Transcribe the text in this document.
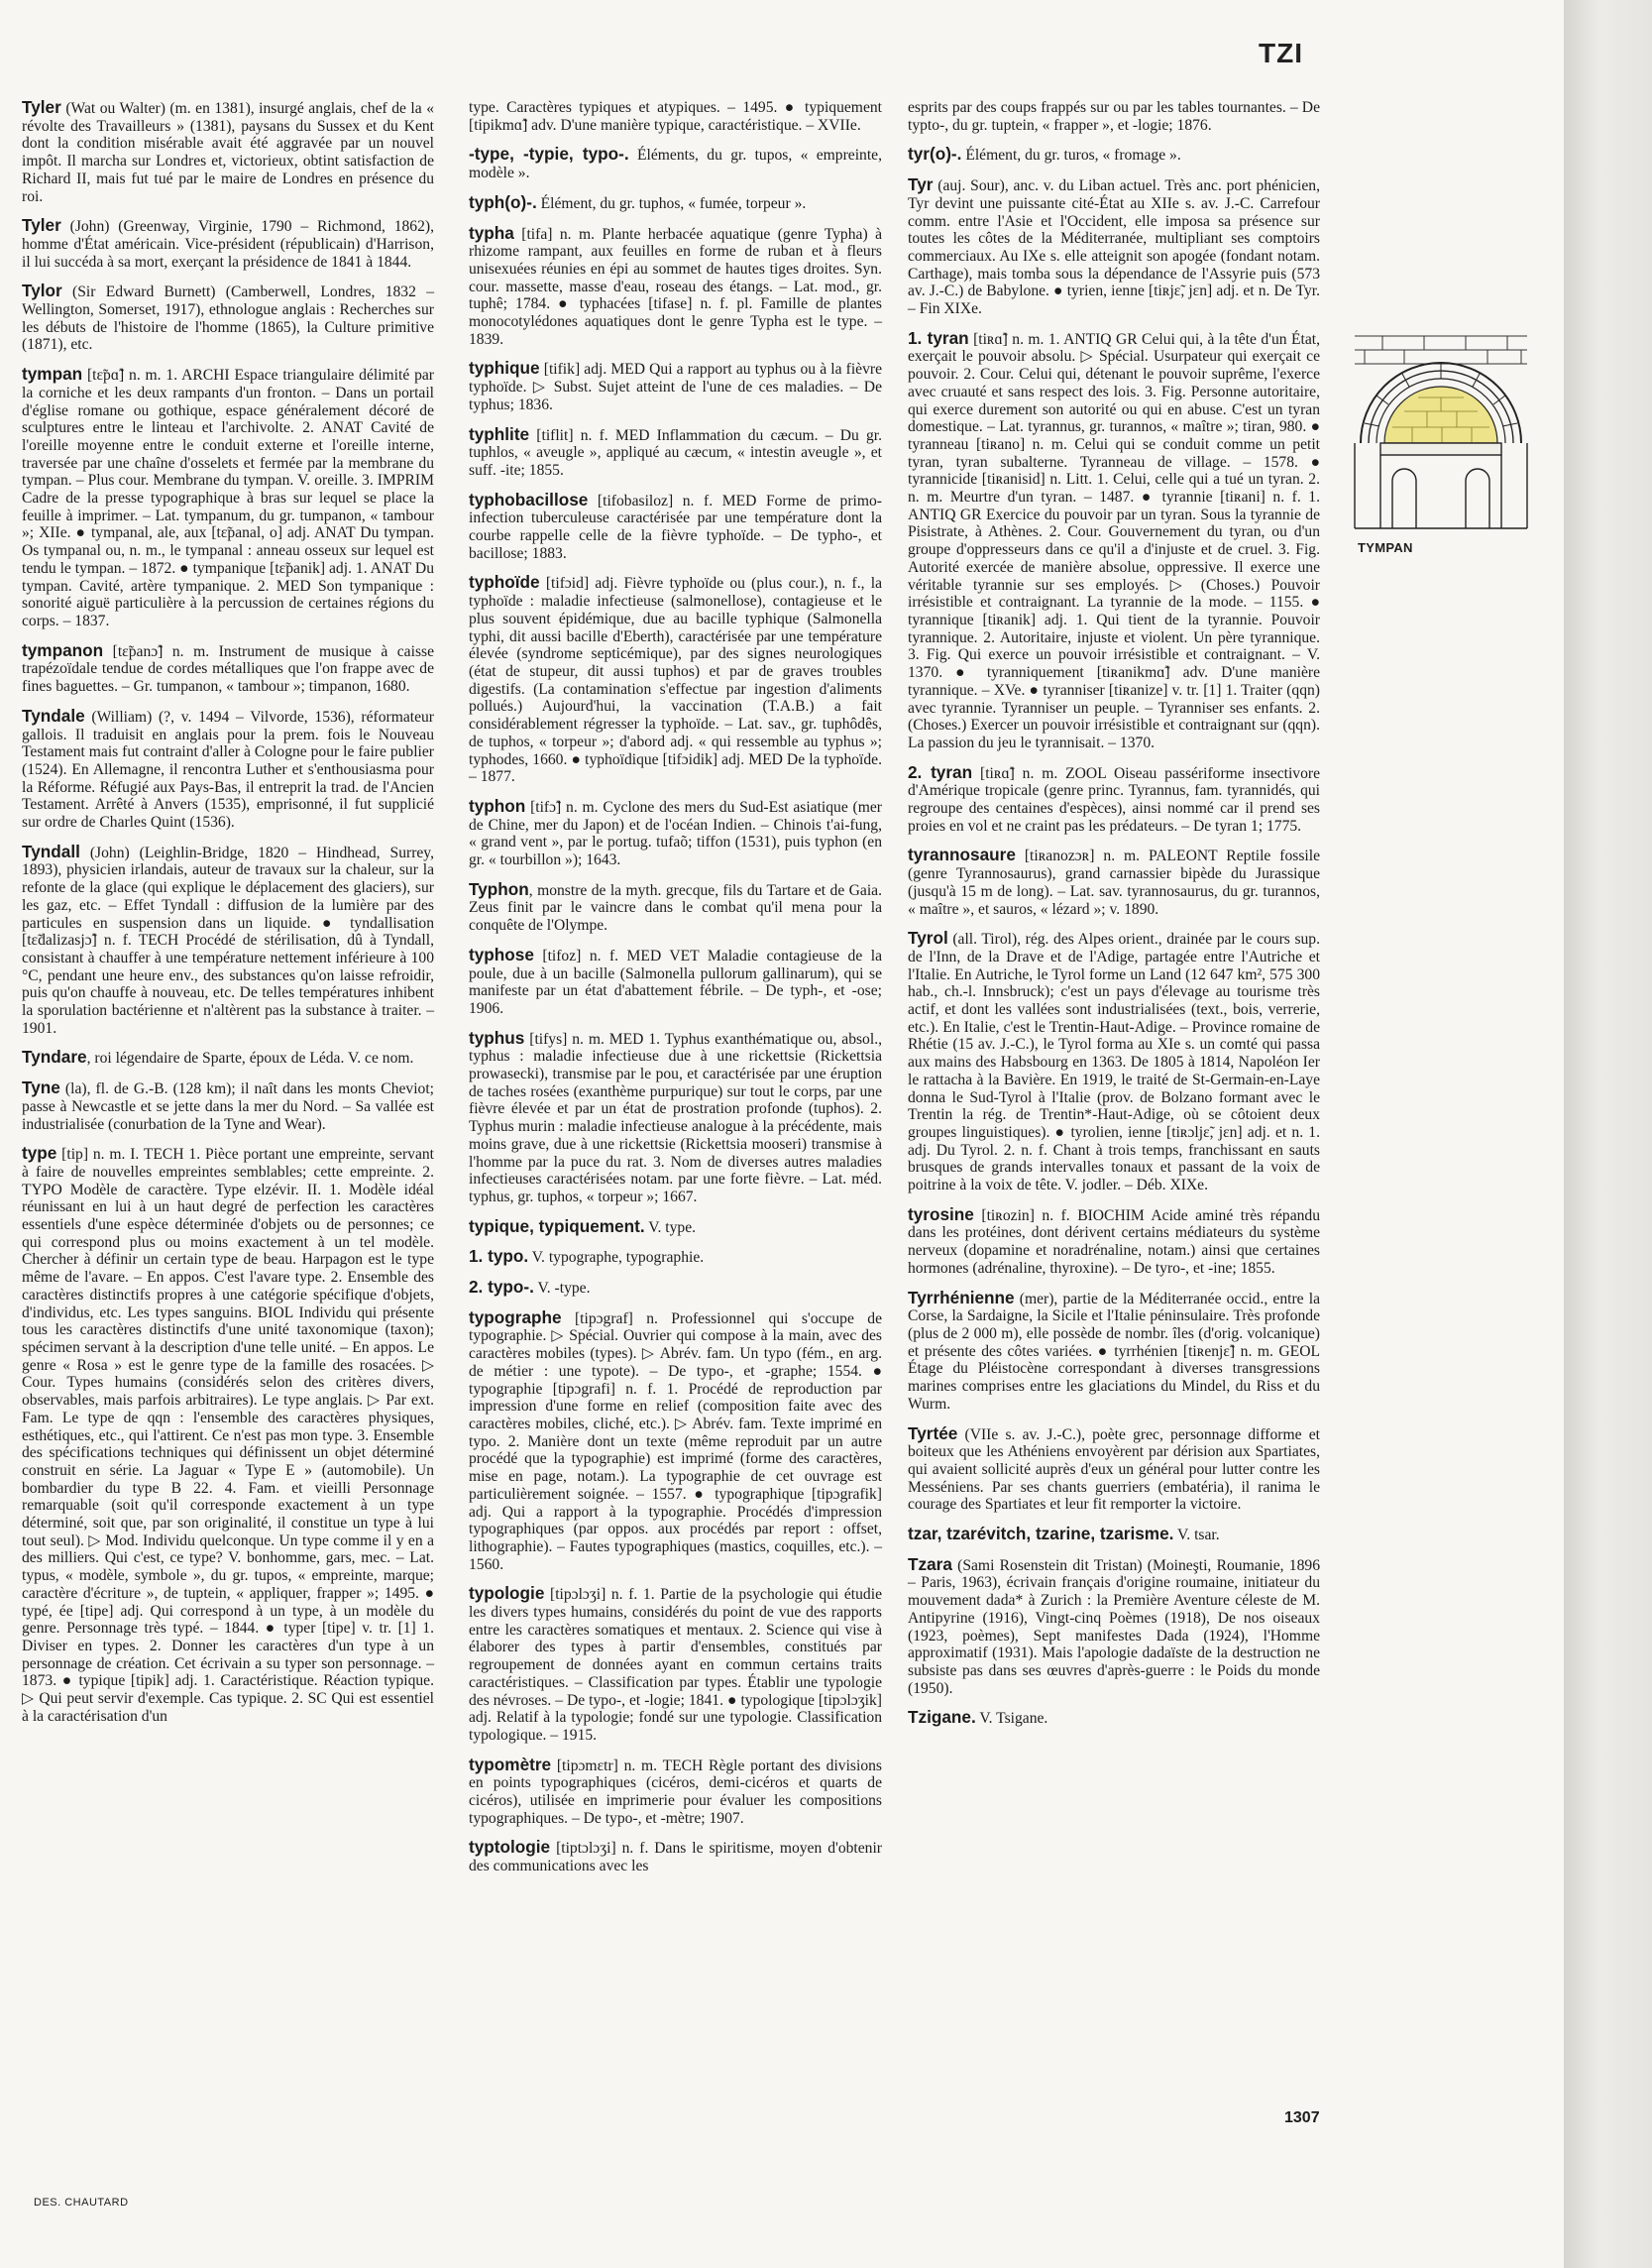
TZI

Tyler (Wat ou Walter) (m. en 1381), insurgé anglais, chef de la « révolte des Travailleurs » (1381), paysans du Sussex et du Kent dont la condition misérable avait été aggravée par un nouvel impôt. Il marcha sur Londres et, victorieux, obtint satisfaction de Richard II, mais fut tué par le maire de Londres en présence du roi.

Tyler (John) (Greenway, Virginie, 1790 – Richmond, 1862), homme d'État américain. Vice-président (républicain) d'Harrison, il lui succéda à sa mort, exerçant la présidence de 1841 à 1844.

Tylor (Sir Edward Burnett) (Camberwell, Londres, 1832 – Wellington, Somerset, 1917), ethnologue anglais : Recherches sur les débuts de l'histoire de l'homme (1865), la Culture primitive (1871), etc.

tympan [tɛ̃pɑ̃] n. m. 1. ARCHI Espace triangulaire délimité par la corniche et les deux rampants d'un fronton. – Dans un portail d'église romane ou gothique, espace généralement décoré de sculptures entre le linteau et l'archivolte. 2. ANAT Cavité de l'oreille moyenne entre le conduit externe et l'oreille interne, traversée par une chaîne d'osselets et fermée par la membrane du tympan. – Plus cour. Membrane du tympan. V. oreille. 3. IMPRIM Cadre de la presse typographique à bras sur lequel se place la feuille à imprimer. – Lat. tympanum, du gr. tumpanon, « tambour »; XIIe. ● tympanal, ale, aux [tɛ̃panal, o] adj. ANAT Du tympan. Os tympanal ou, n. m., le tympanal : anneau osseux sur lequel est tendu le tympan. – 1872. ● tympanique [tɛ̃panik] adj. 1. ANAT Du tympan. Cavité, artère tympanique. 2. MED Son tympanique : sonorité aiguë particulière à la percussion de certaines régions du corps. – 1837.

tympanon [tɛ̃panɔ̃] n. m. Instrument de musique à caisse trapézoïdale tendue de cordes métalliques que l'on frappe avec de fines baguettes. – Gr. tumpanon, « tambour »; timpanon, 1680.

Tyndale (William) (?, v. 1494 – Vilvorde, 1536), réformateur gallois. Il traduisit en anglais pour la prem. fois le Nouveau Testament mais fut contraint d'aller à Cologne pour le faire publier (1524). En Allemagne, il rencontra Luther et s'enthousiasma pour la Réforme. Réfugié aux Pays-Bas, il entreprit la trad. de l'Ancien Testament. Arrêté à Anvers (1535), emprisonné, il fut supplicié sur ordre de Charles Quint (1536).

Tyndall (John) (Leighlin-Bridge, 1820 – Hindhead, Surrey, 1893), physicien irlandais, auteur de travaux sur la chaleur, sur la refonte de la glace (qui explique le déplacement des glaciers), sur les gaz, etc. – Effet Tyndall : diffusion de la lumière par des particules en suspension dans un liquide. ● tyndallisation [tɛ̃dalizasjɔ̃] n. f. TECH Procédé de stérilisation, dû à Tyndall, consistant à chauffer à une température nettement inférieure à 100 °C, pendant une heure env., des substances qu'on laisse refroidir, puis qu'on chauffe à nouveau, etc. De telles températures inhibent la sporulation bactérienne et n'altèrent pas la substance à traiter. – 1901.

Tyndare, roi légendaire de Sparte, époux de Léda. V. ce nom.

Tyne (la), fl. de G.-B. (128 km); il naît dans les monts Cheviot; passe à Newcastle et se jette dans la mer du Nord. – Sa vallée est industrialisée (conurbation de la Tyne and Wear).

type [tip] n. m. I. TECH 1. Pièce portant une empreinte, servant à faire de nouvelles empreintes semblables; cette empreinte. 2. TYPO Modèle de caractère. Type elzévir. II. 1. Modèle idéal réunissant en lui à un haut degré de perfection les caractères essentiels d'une espèce déterminée d'objets ou de personnes; ce qui correspond plus ou moins exactement à un tel modèle. Chercher à définir un certain type de beau. Harpagon est le type même de l'avare. – En appos. C'est l'avare type. 2. Ensemble des caractères distinctifs propres à une catégorie spécifique d'objets, d'individus, etc. Les types sanguins. BIOL Individu qui présente tous les caractères distinctifs d'une unité taxonomique (taxon); spécimen servant à la description d'une telle unité. – En appos. Le genre « Rosa » est le genre type de la famille des rosacées. ▷ Cour. Types humains (considérés selon des critères divers, observables, mais parfois arbitraires). Le type anglais. ▷ Par ext. Fam. Le type de qqn : l'ensemble des caractères physiques, esthétiques, etc., qui l'attirent. Ce n'est pas mon type. 3. Ensemble des spécifications techniques qui définissent un objet déterminé construit en série. La Jaguar « Type E » (automobile). Un bombardier du type B 22. 4. Fam. et vieilli Personnage remarquable (soit qu'il corresponde exactement à un type déterminé, soit que, par son originalité, il constitue un type à lui tout seul). ▷ Mod. Individu quelconque. Un type comme il y en a des milliers. Qui c'est, ce type? V. bonhomme, gars, mec. – Lat. typus, « modèle, symbole », du gr. tupos, « empreinte, marque; caractère d'écriture », de tuptein, « appliquer, frapper »; 1495. ● typé, ée [tipe] adj. Qui correspond à un type, à un modèle du genre. Personnage très typé. – 1844. ● typer [tipe] v. tr. [1] 1. Diviser en types. 2. Donner les caractères d'un type à un personnage de création. Cet écrivain a su typer son personnage. – 1873. ● typique [tipik] adj. 1. Caractéristique. Réaction typique. ▷ Qui peut servir d'exemple. Cas typique. 2. SC Qui est essentiel à la caractérisation d'un

type. Caractères typiques et atypiques. – 1495. ● typiquement [tipikmɑ̃] adv. D'une manière typique, caractéristique. – XVIIe.

-type, -typie, typo-. Éléments, du gr. tupos, « empreinte, modèle ».

typh(o)-. Élément, du gr. tuphos, « fumée, torpeur ».

typha [tifa] n. m. Plante herbacée aquatique (genre Typha) à rhizome rampant, aux feuilles en forme de ruban et à fleurs unisexuées réunies en épi au sommet de hautes tiges droites. Syn. cour. massette, masse d'eau, roseau des étangs. – Lat. mod., gr. tuphê; 1784. ● typhacées [tifase] n. f. pl. Famille de plantes monocotylédones aquatiques dont le genre Typha est le type. – 1839.

typhique [tifik] adj. MED Qui a rapport au typhus ou à la fièvre typhoïde. ▷ Subst. Sujet atteint de l'une de ces maladies. – De typhus; 1836.

typhlite [tiflit] n. f. MED Inflammation du cæcum. – Du gr. tuphlos, « aveugle », appliqué au cæcum, « intestin aveugle », et suff. -ite; 1855.

typhobacillose [tifobasiloz] n. f. MED Forme de primo-infection tuberculeuse caractérisée par une température dont la courbe rappelle celle de la fièvre typhoïde. – De typho-, et bacillose; 1883.

typhoïde [tifɔid] adj. Fièvre typhoïde ou (plus cour.), n. f., la typhoïde : maladie infectieuse (salmonellose), contagieuse et le plus souvent épidémique, due au bacille typhique (Salmonella typhi, dit aussi bacille d'Eberth), caractérisée par une température élevée (syndrome septicémique), par des signes neurologiques (état de stupeur, dit aussi tuphos) et par de graves troubles digestifs. (La contamination s'effectue par ingestion d'aliments pollués.) Aujourd'hui, la vaccination (T.A.B.) a fait considérablement régresser la typhoïde. – Lat. sav., gr. tuphôdês, de tuphos, « torpeur »; d'abord adj. « qui ressemble au typhus »; typhodes, 1660. ● typhoïdique [tifɔidik] adj. MED De la typhoïde. – 1877.

typhon [tifɔ̃] n. m. Cyclone des mers du Sud-Est asiatique (mer de Chine, mer du Japon) et de l'océan Indien. – Chinois t'ai-fung, « grand vent », par le portug. tufaõ; tiffon (1531), puis typhon (en gr. « tourbillon »); 1643.

Typhon, monstre de la myth. grecque, fils du Tartare et de Gaia. Zeus finit par le vaincre dans le combat qu'il mena pour la conquête de l'Olympe.

typhose [tifoz] n. f. MED VET Maladie contagieuse de la poule, due à un bacille (Salmonella pullorum gallinarum), qui se manifeste par un état d'abattement fébrile. – De typh-, et -ose; 1906.

typhus [tifys] n. m. MED 1. Typhus exanthématique ou, absol., typhus : maladie infectieuse due à une rickettsie (Rickettsia prowasecki), transmise par le pou, et caractérisée par une éruption de taches rosées (exanthème purpurique) sur tout le corps, par une fièvre élevée et par un état de prostration profonde (tuphos). 2. Typhus murin : maladie infectieuse analogue à la précédente, mais moins grave, due à une rickettsie (Rickettsia mooseri) transmise à l'homme par la puce du rat. 3. Nom de diverses autres maladies infectieuses caractérisées notam. par une forte fièvre. – Lat. méd. typhus, gr. tuphos, « torpeur »; 1667.

typique, typiquement. V. type.

1. typo. V. typographe, typographie.

2. typo-. V. -type.

typographe [tipɔgraf] n. Professionnel qui s'occupe de typographie. ▷ Spécial. Ouvrier qui compose à la main, avec des caractères mobiles (types). ▷ Abrév. fam. Un typo (fém., en arg. de métier : une typote). – De typo-, et -graphe; 1554. ● typographie [tipɔgrafi] n. f. 1. Procédé de reproduction par impression d'une forme en relief (composition faite avec des caractères mobiles, cliché, etc.). ▷ Abrév. fam. Texte imprimé en typo. 2. Manière dont un texte (même reproduit par un autre procédé que la typographie) est imprimé (forme des caractères, mise en page, notam.). La typographie de cet ouvrage est particulièrement soignée. – 1557. ● typographique [tipɔgrafik] adj. Qui a rapport à la typographie. Procédés d'impression typographiques (par oppos. aux procédés par report : offset, lithographie). – Fautes typographiques (mastics, coquilles, etc.). – 1560.

typologie [tipɔlɔʒi] n. f. 1. Partie de la psychologie qui étudie les divers types humains, considérés du point de vue des rapports entre les caractères somatiques et mentaux. 2. Science qui vise à élaborer des types à partir d'ensembles, constitués par regroupement de données ayant en commun certains traits caractéristiques. – Classification par types. Établir une typologie des névroses. – De typo-, et -logie; 1841. ● typologique [tipɔlɔʒik] adj. Relatif à la typologie; fondé sur une typologie. Classification typologique. – 1915.

typomètre [tipɔmɛtr] n. m. TECH Règle portant des divisions en points typographiques (cicéros, demi-cicéros et quarts de cicéros), utilisée en imprimerie pour évaluer les compositions typographiques. – De typo-, et -mètre; 1907.

typtologie [tiptɔlɔʒi] n. f. Dans le spiritisme, moyen d'obtenir des communications avec les

esprits par des coups frappés sur ou par les tables tournantes. – De typto-, du gr. tuptein, « frapper », et -logie; 1876.

tyr(o)-. Élément, du gr. turos, « fromage ».

Tyr (auj. Sour), anc. v. du Liban actuel. Très anc. port phénicien, Tyr devint une puissante cité-État au XIIe s. av. J.-C. Carrefour comm. entre l'Asie et l'Occident, elle imposa sa présence sur toutes les côtes de la Méditerranée, multipliant ses comptoirs commerciaux. Au IXe s. elle atteignit son apogée (fondant notam. Carthage), mais tomba sous la dépendance de l'Assyrie puis (573 av. J.-C.) de Babylone. ● tyrien, ienne [tiʀjɛ̃, jɛn] adj. et n. De Tyr. – Fin XIXe.

1. tyran [tiʀɑ̃] n. m. 1. ANTIQ GR Celui qui, à la tête d'un État, exerçait le pouvoir absolu. ▷ Spécial. Usurpateur qui exerçait ce pouvoir. 2. Cour. Celui qui, détenant le pouvoir suprême, l'exerce avec cruauté et sans respect des lois. 3. Fig. Personne autoritaire, qui exerce durement son autorité ou qui en abuse. C'est un tyran domestique. – Lat. tyrannus, gr. turannos, « maître »; tiran, 980. ● tyranneau [tiʀano] n. m. Celui qui se conduit comme un petit tyran, tyran subalterne. Tyranneau de village. – 1578. ● tyrannicide [tiʀanisid] n. Litt. 1. Celui, celle qui a tué un tyran. 2. n. m. Meurtre d'un tyran. – 1487. ● tyrannie [tiʀani] n. f. 1. ANTIQ GR Exercice du pouvoir par un tyran. Sous la tyrannie de Pisistrate, à Athènes. 2. Cour. Gouvernement du tyran, ou d'un groupe d'oppresseurs dans ce qu'il a d'injuste et de cruel. 3. Fig. Autorité exercée de manière absolue, oppressive. Il exerce une véritable tyrannie sur ses employés. ▷ (Choses.) Pouvoir irrésistible et contraignant. La tyrannie de la mode. – 1155. ● tyrannique [tiʀanik] adj. 1. Qui tient de la tyrannie. Pouvoir tyrannique. 2. Autoritaire, injuste et violent. Un père tyrannique. 3. Fig. Qui exerce un pouvoir irrésistible et contraignant. – V. 1370. ● tyranniquement [tiʀanikmɑ̃] adv. D'une manière tyrannique. – XVe. ● tyranniser [tiʀanize] v. tr. [1] 1. Traiter (qqn) avec tyrannie. Tyranniser un peuple. – Tyranniser ses enfants. 2. (Choses.) Exercer un pouvoir irrésistible et contraignant sur (qqn). La passion du jeu le tyrannisait. – 1370.

2. tyran [tiʀɑ̃] n. m. ZOOL Oiseau passériforme insectivore d'Amérique tropicale (genre princ. Tyrannus, fam. tyrannidés, qui regroupe des centaines d'espèces), ainsi nommé car il prend ses proies en vol et ne craint pas les prédateurs. – De tyran 1; 1775.

tyrannosaure [tiʀanozɔʀ] n. m. PALEONT Reptile fossile (genre Tyrannosaurus), grand carnassier bipède du Jurassique (jusqu'à 15 m de long). – Lat. sav. tyrannosaurus, du gr. turannos, « maître », et sauros, « lézard »; v. 1890.

Tyrol (all. Tirol), rég. des Alpes orient., drainée par le cours sup. de l'Inn, de la Drave et de l'Adige, partagée entre l'Autriche et l'Italie. En Autriche, le Tyrol forme un Land (12 647 km², 575 300 hab., ch.-l. Innsbruck); c'est un pays d'élevage au tourisme très actif, et dont les vallées sont industrialisées (text., bois, verrerie, etc.). En Italie, c'est le Trentin-Haut-Adige. – Province romaine de Rhétie (15 av. J.-C.), le Tyrol forma au XIe s. un comté qui passa aux mains des Habsbourg en 1363. De 1805 à 1814, Napoléon Ier le rattacha à la Bavière. En 1919, le traité de St-Germain-en-Laye donna le Sud-Tyrol à l'Italie (prov. de Bolzano formant avec le Trentin la rég. de Trentin*-Haut-Adige, où se côtoient deux groupes linguistiques). ● tyrolien, ienne [tiʀɔljɛ̃, jɛn] adj. et n. 1. adj. Du Tyrol. 2. n. f. Chant à trois temps, franchissant en sauts brusques de grands intervalles tonaux et passant de la voix de poitrine à la voix de tête. V. jodler. – Déb. XIXe.

tyrosine [tiʀozin] n. f. BIOCHIM Acide aminé très répandu dans les protéines, dont dérivent certains médiateurs du système nerveux (dopamine et noradrénaline, notam.) ainsi que certaines hormones (adrénaline, thyroxine). – De tyro-, et -ine; 1855.

Tyrrhénienne (mer), partie de la Méditerranée occid., entre la Corse, la Sardaigne, la Sicile et l'Italie péninsulaire. Très profonde (plus de 2 000 m), elle possède de nombr. îles (d'orig. volcanique) et présente des côtes variées. ● tyrrhénien [tiʀenjɛ̃] n. m. GEOL Étage du Pléistocène correspondant à diverses transgressions marines comprises entre les glaciations du Mindel, du Riss et du Wurm.

Tyrtée (VIIe s. av. J.-C.), poète grec, personnage difforme et boiteux que les Athéniens envoyèrent par dérision aux Spartiates, qui avaient sollicité auprès d'eux un général pour lutter contre les Messéniens. Par ses chants guerriers (embatéria), il ranima le courage des Spartiates et leur fit remporter la victoire.

tzar, tzarévitch, tzarine, tzarisme. V. tsar.

Tzara (Sami Rosenstein dit Tristan) (Moineşti, Roumanie, 1896 – Paris, 1963), écrivain français d'origine roumaine, initiateur du mouvement dada* à Zurich : la Première Aventure céleste de M. Antipyrine (1916), Vingt-cinq Poèmes (1918), De nos oiseaux (1923, poèmes), Sept manifestes Dada (1924), l'Homme approximatif (1931). Mais l'apologie dadaïste de la destruction ne subsiste pas dans ses œuvres d'après-guerre : le Poids du monde (1950).

Tzigane. V. Tsigane.

TYMPAN
1307
DES. CHAUTARD
